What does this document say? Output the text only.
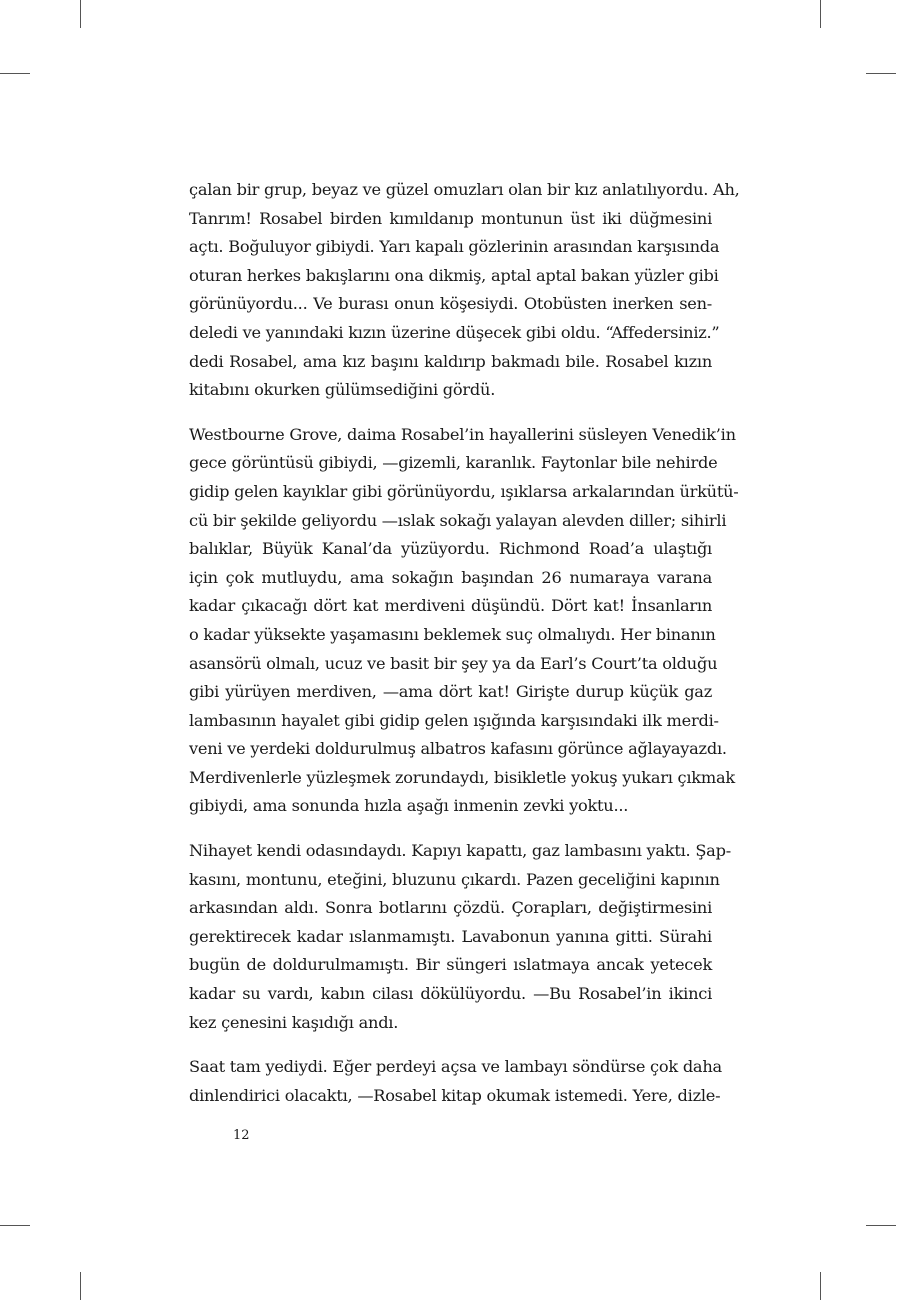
çalan bir grup, beyaz ve güzel omuzları olan bir kız anlatılıyordu. Ah,
Tanrım! Rosabel birden kımıldanıp montunun üst iki düğmesini
açtı. Boğuluyor gibiydi. Yarı kapalı gözlerinin arasından karşısında
oturan herkes bakışlarını ona dikmiş, aptal aptal bakan yüzler gibi
görünüyordu... Ve burası onun köşesiydi. Otobüsten inerken sen-
deledi ve yanındaki kızın üzerine düşecek gibi oldu. “Affedersiniz.”
dedi Rosabel, ama kız başını kaldırıp bakmadı bile. Rosabel kızın
kitabını okurken gülümsediğini gördü.
Westbourne Grove, daima Rosabel’in hayallerini süsleyen Venedik’in
gece görüntüsü gibiydi, —gizemli, karanlık. Faytonlar bile nehirde
gidip gelen kayıklar gibi görünüyordu, ışıklarsa arkalarından ürkütü-
cü bir şekilde geliyordu —ıslak sokağı yalayan alevden diller; sihirli
balıklar, Büyük Kanal’da yüzüyordu. Richmond Road’a ulaştığı
için çok mutluydu, ama sokağın başından 26 numaraya varana
kadar çıkacağı dört kat merdiveni düşündü. Dört kat! İnsanların
o kadar yüksekte yaşamasını beklemek suç olmalıydı. Her binanın
asansörü olmalı, ucuz ve basit bir şey ya da Earl’s Court’ta olduğu
gibi yürüyen merdiven, —ama dört kat! Girişte durup küçük gaz
lambasının hayalet gibi gidip gelen ışığında karşısındaki ilk merdi-
veni ve yerdeki doldurulmuş albatros kafasını görünce ağlayayazdı.
Merdivenlerle yüzleşmek zorundaydı, bisikletle yokuş yukarı çıkmak
gibiydi, ama sonunda hızla aşağı inmenin zevki yoktu...
Nihayet kendi odasındaydı. Kapıyı kapattı, gaz lambasını yaktı. Şap-
kasını, montunu, eteğini, bluzunu çıkardı. Pazen geceliğini kapının
arkasından aldı. Sonra botlarını çözdü. Çorapları, değiştirmesini
gerektirecek kadar ıslanmamıştı. Lavabonun yanına gitti. Sürahi
bugün de doldurulmamıştı. Bir süngeri ıslatmaya ancak yetecek
kadar su vardı, kabın cilası dökülüyordu. —Bu Rosabel’in ikinci
kez çenesini kaşıdığı andı.
Saat tam yediydi. Eğer perdeyi açsa ve lambayı söndürse çok daha
dinlendirici olacaktı, —Rosabel kitap okumak istemedi. Yere, dizle-
12
